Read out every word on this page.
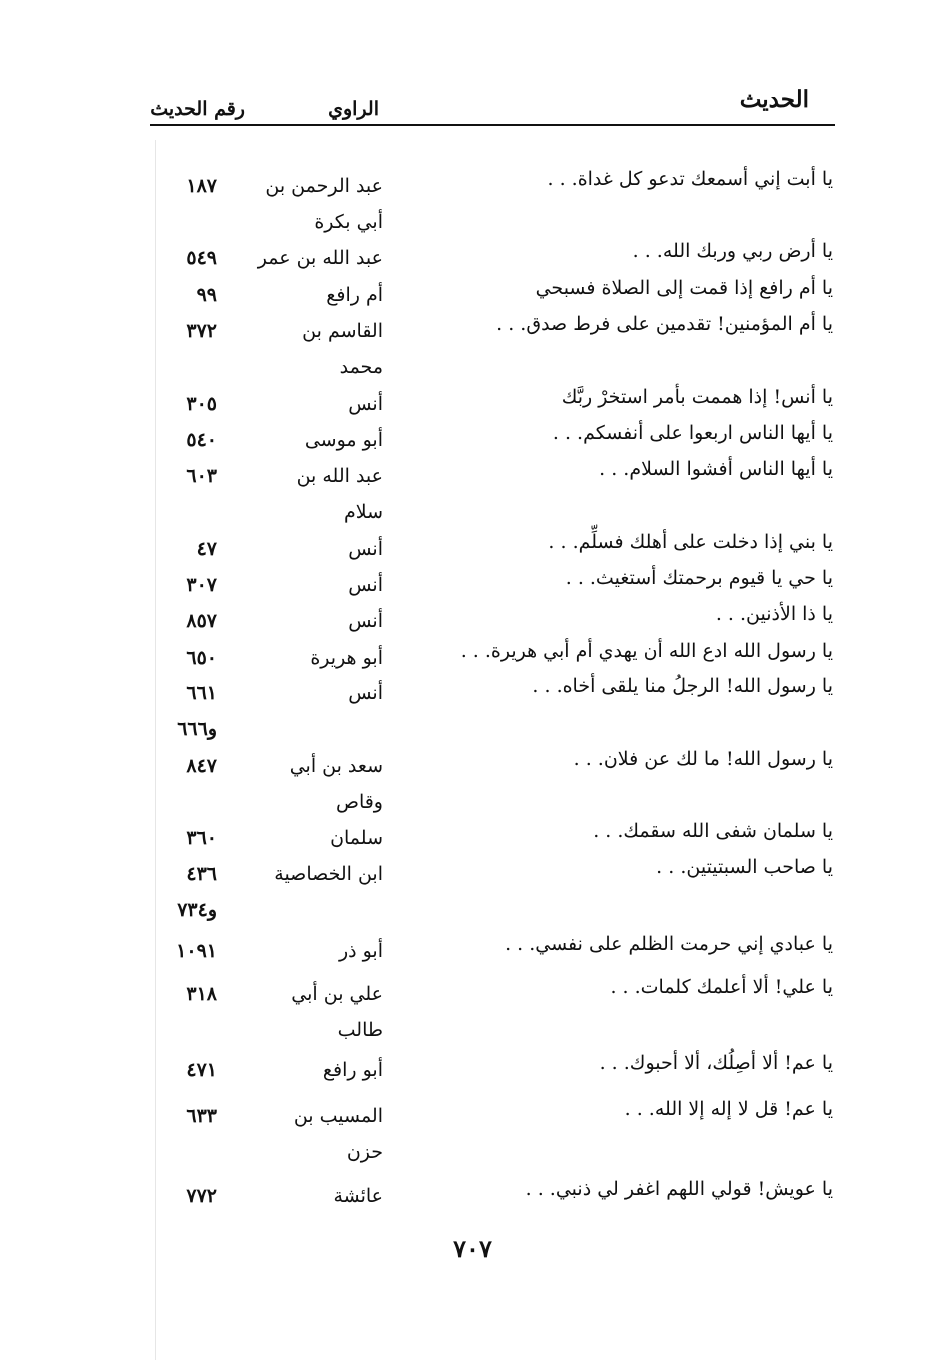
الحديث
الراوي
رقم الحديث
يا أبت إني أسمعك تدعو كل غداة. . .
عبد الرحمن بن أبي بكرة
١٨٧
يا أرض ربي وربك الله. . .
عبد الله بن عمر
٥٤٩
يا أم رافع إذا قمت إلى الصلاة فسبحي
أم رافع
٩٩
يا أم المؤمنين! تقدمين على فرط صدق. . .
القاسم بن محمد
٣٧٢
يا أنس! إذا هممت بأمر استخرْ ربَّك
أنس
٣٠٥
يا أيها الناس اربعوا على أنفسكم. . .
أبو موسى
٥٤٠
يا أيها الناس أفشوا السلام. . .
عبد الله بن سلام
٦٠٣
يا بني إذا دخلت على أهلك فسلِّم. . .
أنس
٤٧
يا حي يا قيوم برحمتك أستغيث. . .
أنس
٣٠٧
يا ذا الأذنين. . .
أنس
٨٥٧
يا رسول الله ادع الله أن يهدي أم أبي هريرة. . .
أبو هريرة
٦٥٠
يا رسول الله! الرجلُ منا يلقى أخاه. . .
أنس
٦٦١ و٦٦٦
يا رسول الله! ما لك عن فلان. . .
سعد بن أبي وقاص
٨٤٧
يا سلمان شفى الله سقمك. . .
سلمان
٣٦٠
يا صاحب السبتيتين. . .
ابن الخصاصية
٤٣٦ و٧٣٤
يا عبادي إني حرمت الظلم على نفسي. . .
أبو ذر
١٠٩١
يا علي! ألا أعلمك كلمات. . .
علي بن أبي طالب
٣١٨
يا عم! ألا أصِلُك، ألا أحبوك. . .
أبو رافع
٤٧١
يا عم! قل لا إله إلا الله. . .
المسيب بن حزن
٦٣٣
يا عويش! قولي اللهم اغفر لي ذنبي. . .
عائشة
٧٧٢
٧٠٧
